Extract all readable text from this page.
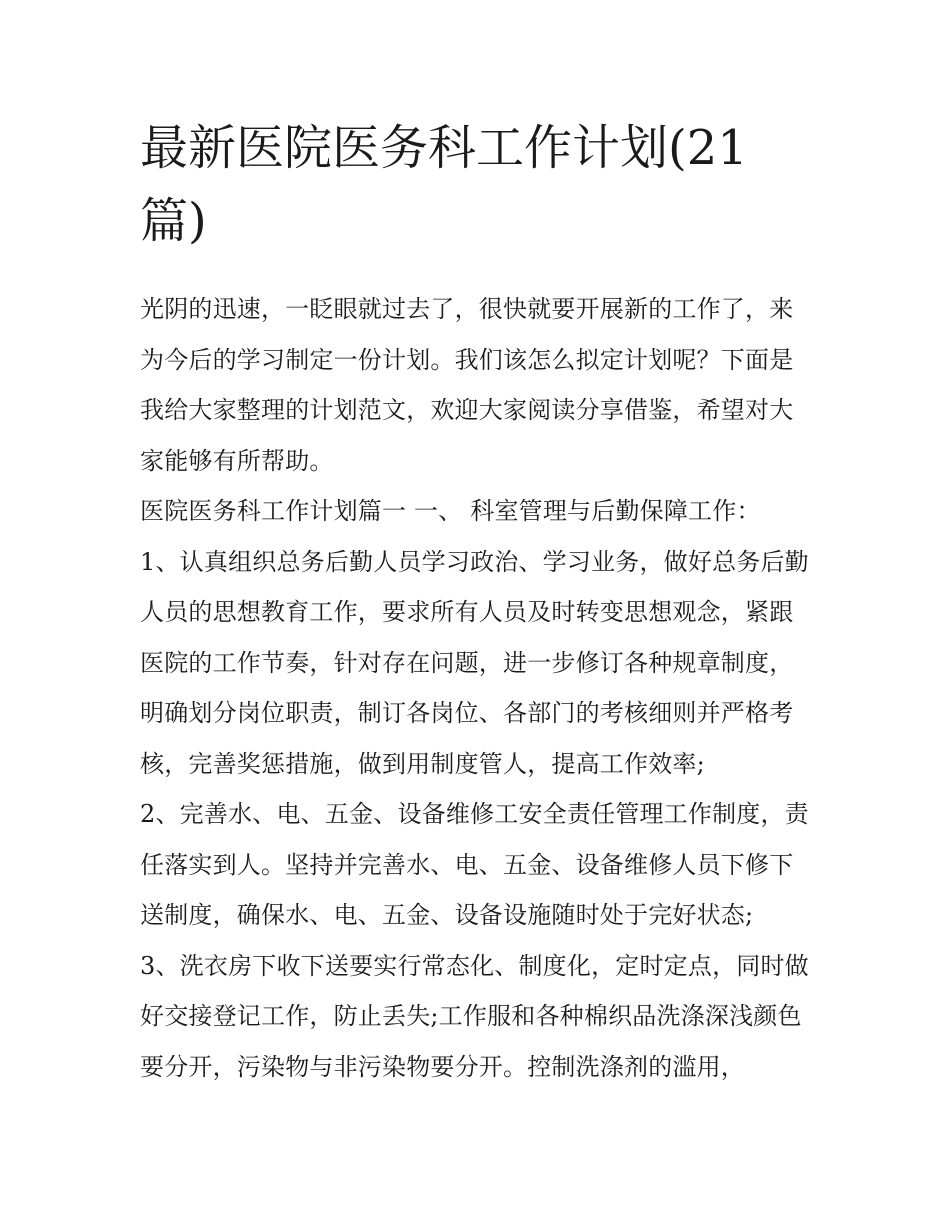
最新医院医务科工作计划(21篇)

光阴的迅速，一眨眼就过去了，很快就要开展新的工作了，来为今后的学习制定一份计划。我们该怎么拟定计划呢？下面是我给大家整理的计划范文，欢迎大家阅读分享借鉴，希望对大家能够有所帮助。

医院医务科工作计划篇一 一、 科室管理与后勤保障工作：

1、认真组织总务后勤人员学习政治、学习业务，做好总务后勤人员的思想教育工作，要求所有人员及时转变思想观念，紧跟医院的工作节奏，针对存在问题，进一步修订各种规章制度，明确划分岗位职责，制订各岗位、各部门的考核细则并严格考核，完善奖惩措施，做到用制度管人，提高工作效率;

2、完善水、电、五金、设备维修工安全责任管理工作制度，责任落实到人。坚持并完善水、电、五金、设备维修人员下修下送制度，确保水、电、五金、设备设施随时处于完好状态;

3、洗衣房下收下送要实行常态化、制度化，定时定点，同时做好交接登记工作，防止丢失;工作服和各种棉织品洗涤深浅颜色要分开，污染物与非污染物要分开。控制洗涤剂的滥用，
